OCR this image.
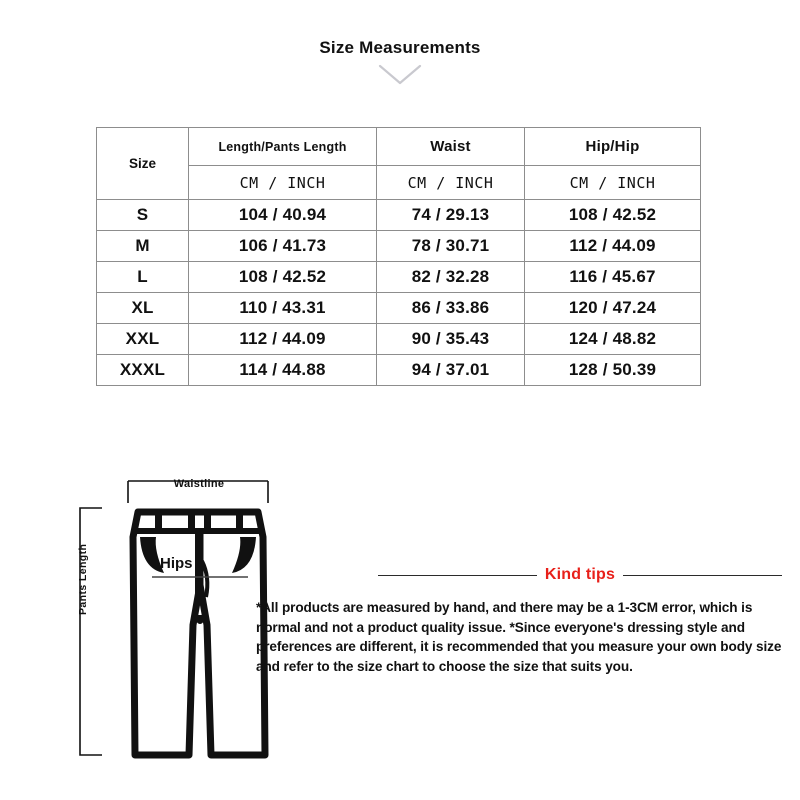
Size Measurements
Size	Length/Pants Length	Waist	Hip/Hip
	CM / INCH	CM / INCH	CM / INCH
S	104 / 40.94	74 / 29.13	108 / 42.52
M	106 / 41.73	78 / 30.71	112 / 44.09
L	108 / 42.52	82 / 32.28	116 / 45.67
XL	110 / 43.31	86 / 33.86	120 / 47.24
XXL	112 / 44.09	90 / 35.43	124 / 48.82
XXXL	114 / 44.88	94 / 37.01	128 / 50.39
Waistline
Hips
Pants Length	Kind tips
*All products are measured by hand, and there may be a 1-3CM error, which is normal and not a product quality issue. *Since everyone's dressing style and preferences are different, it is recommended that you measure your own body size and refer to the size chart to choose the size that suits you.
